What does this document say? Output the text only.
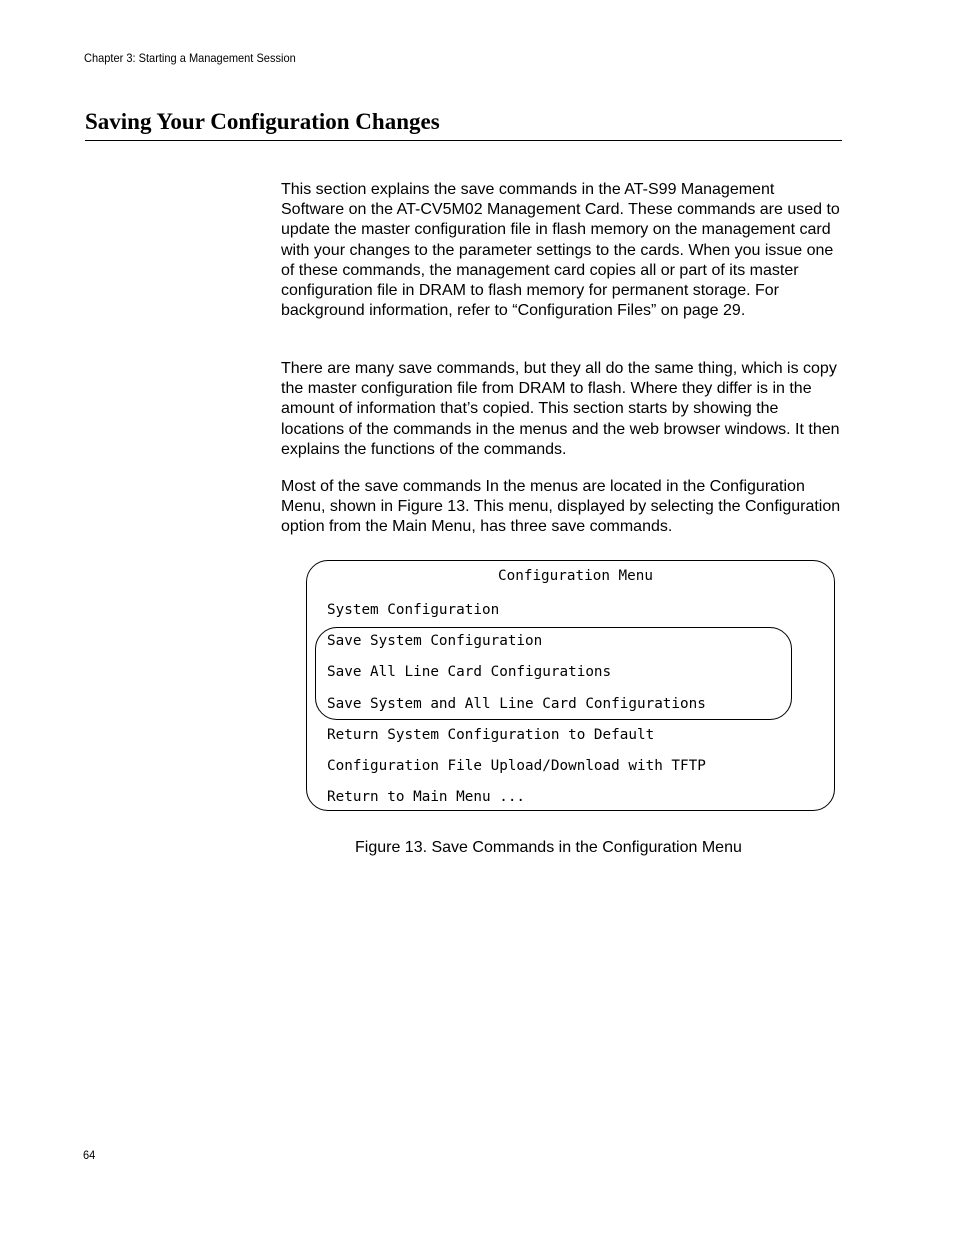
Chapter 3: Starting a Management Session
Saving Your Configuration Changes

This section explains the save commands in the AT-S99 Management Software on the AT-CV5M02 Management Card. These commands are used to update the master configuration file in flash memory on the management card with your changes to the parameter settings to the cards. When you issue one of these commands, the management card copies all or part of its master configuration file in DRAM to flash memory for permanent storage. For background information, refer to “Configuration Files” on page 29.

There are many save commands, but they all do the same thing, which is copy the master configuration file from DRAM to flash. Where they differ is in the amount of information that’s copied. This section starts by showing the locations of the commands in the menus and the web browser windows. It then explains the functions of the commands.

Most of the save commands In the menus are located in the Configuration Menu, shown in Figure 13. This menu, displayed by selecting the Configuration option from the Main Menu, has three save commands.

Configuration Menu
System Configuration
Save System Configuration
Save All Line Card Configurations
Save System and All Line Card Configurations
Return System Configuration to Default
Configuration File Upload/Download with TFTP
Return to Main Menu ...
Figure 13. Save Commands in the Configuration Menu
64
